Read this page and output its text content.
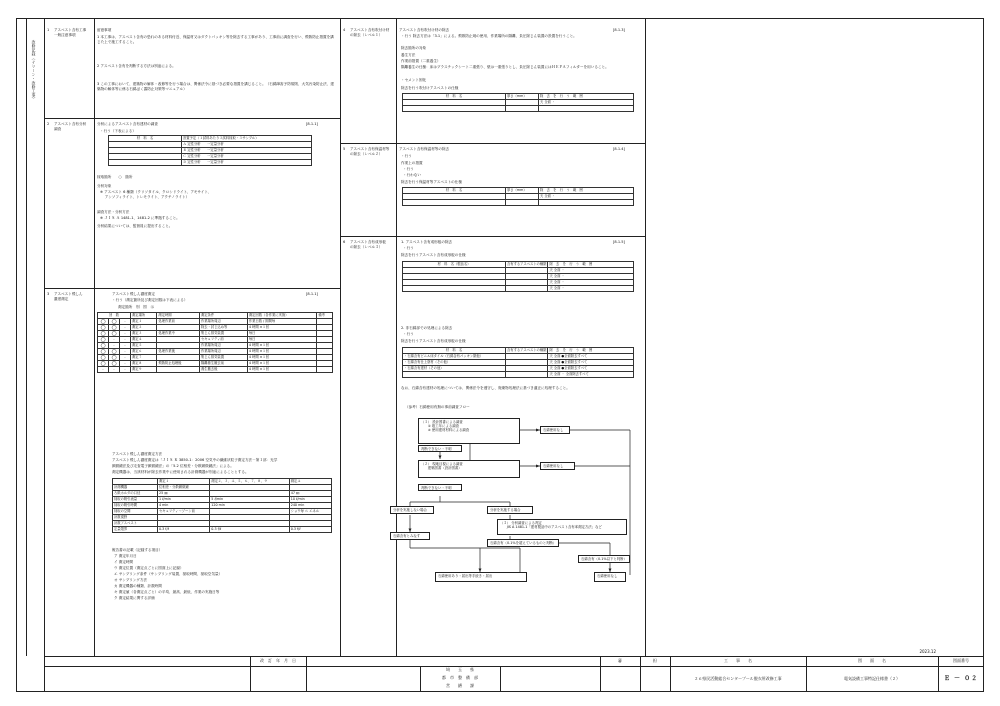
改修記録（テリーン・改修工事）
1 アスベスト含有工事
一般注意事項
2 アスベスト含有分析
調査
3 アスベスト飛しん
濃度測定
留意事項
1 本工事は、アスベスト含有の恐れのある材料付近、保温材又はダクトパッキン等を除去する工事があり、工事前に調査を行い、飛散防止措置を講じた上で施工すること。
2 アスベスト含有を判断する方法は別途による。
3 この工事において、建築物の解体・改修等を行う場合は、関係法令に基づき必要な措置を講じること。（石綿障害予防規則、大気汚染防止法、建築物の解体等に係る石綿ばく露防止対策等マニュアル）
分析によるアスベスト含有建材の調査	[8.1.1]
・行う（下表による）
材　料　名	設置予定（１試料あたり３試料採取・３サンプル）
	Ａ 定性分析　　一定量分析
	Ｂ 定性分析　　一定量分析
	Ｃ 定性分析　　一定量分析
	Ｄ 定性分析　　一定量分析
採取箇所　　○　箇所
分析対象
※ アスベスト 6 種類（クリソタイル、クロシドライト、アモサイト、
　 アンソフィライト、トレモライト、アクチノライト）
調査方法・分析方法
※ ＪＩＳ Ａ 1481-1、1481-2 に準拠すること。
分析結果については、監督員に提出すること。
アスベスト飛しん濃度測定	[8.1.1]
・行う（測定箇所及び測定回数は下表による）
測定箇所　別　図　示
回　数			測定場所	測定時期	測定条件	測定回数（各作業に実施）	備考
○	○	-	測定１	処理作業前	作業場所周辺	作業日数 / 期間毎	
○	○	-	測定２		除去・封じ込め等	4 時間 ×１回	
○	○	-	測定３	処理作業中	集じん排気装置	毎日	
○	-	-	測定４		セキュリティ前	毎日	
○	-	-	測定５		作業場所周辺	4 時間 ×１回	
○	○	-	測定６	処理作業後	作業場所周辺	4 時間 ×１回	
○	○	-	測定７		集じん排気装置	4 時間 ×１回	
○	○	-	測定８	飛散防止処理後	隔離養生撤去前	4 時間 ×１回	
-	-	-	測定９		養生撤去後	4 時間 ×１回	
アスベスト飛しん濃度測定方法
アスベスト飛しん濃度測定は「ＪＩＳ Ｋ 3850-1：2006 空気中の繊維状粒子測定方法－第１部：光学
顕微鏡法及び走査電子顕微鏡法」の「5.2 位相差・分散顕微鏡法」による。
測定機器は、当該材料が除去作業中に使用される計測機器が別途によることとする。
	測定１	測定２、３、４、５、６、７、８、９	測定Ａ
計測機器	位相差・分散顕微鏡		
ろ紙ホルダの口径	25 ㎜		47 ㎜
採取の吸引流量	1 ℓ/min	5 ℓ/min	10 ℓ/min
採取の吸引時間	4 min	120 min	240 min
採取の空間	セキュリティ〜ゾーン前		ショウ毎 ６ エネル
計数視野			
計数アスベスト			
定量限界	0.3 f/ℓ	0.3 f/ℓ	0.3 f/ℓ
報告書の記載（記録する項目）
ア 測定年月日
イ 測定時間
ウ 測定位置（測定点ごとに図面上に記録）
エ サンプリング条件（サンプリング装置、採取時間、採取空気量）
オ サンプリング方法
カ 測定機器の種類、計数時間
キ 測定値（各測定点ごと）の平均、最高、最低、作業の実施日等
ク 測定結果に関する評価
4 アスベスト含有吹付け材
の除去（レベル１）
5 アスベスト含有保温材等
の除去（レベル２）
6 アスベスト含有成形板
の除去（レベル３）
アスベスト含有吹付け材の除去	[8.1.3]
・行う 除去方法は「3.1」による。飛散防止剤の使用、作業場所の隔離、負圧除じん装置の設置を行うこと。
除去箇所の対象
養生方法
作業前措置（二重養生）
隔離養生の仕様：床はプラスチックシート二重張り、壁は一重張りとし、負圧除じん装置にはＨＥＰＡフィルターを用いること。
・セメント固化
除去を行う吹付けアスベストの仕様
材　料　名	厚さ（mm）	除　去　を　行　う　範　囲
		天 全面 ・

アスベスト含有保温材等の除去	[8.1.4]
・行う
作業上の措置
・行う
・行わない
除去を行う保温材等アスベストの仕様
材　料　名	厚さ（mm）	除　去　を　行　う　範　囲
		天 全面 ・

1. アスベスト含有成形板の除去	[8.1.5]
・行う
除去を行うアスベスト含有成形板の仕様
材　料　名（製品名）	含有するアスベストの種類	除　去　を　行　う　範　囲
		天 全面 ・
		天 全面 ・
		天 全面 ・
		天 全面 ・
2. 非石綿部での処理による除去
・行う
除去を行うアスベスト含有成形板の仕様
材　料　名	含有するアスベストの種類	除　去　を　行　う　範　囲
・石綿含有ビニル床タイル（石綿含有パッキン類他）		天 全面 ●全面除去すべて
・石綿含有仕上塗材（その他）		天 全面 ●全面除去すべて
・石綿含有建材（その他）		天 全面 ●全面除去すべて
		天 全面 ・ 全面除去すべて
なお、石綿含有建材の処理については、関係法令を遵守し、廃棄物処理法に基づき適正に処理すること。
（参考）石綿使用有無の事前調査フロー
（１） 設計図書による調査
　　① 竣工年による調査
　　② 使用建材材料による調査	石綿使用なし
判断できない・不明
（２） 現地目視による調査
　　建築図書（設計図書）
石綿使用なし
判断できない・不明
分析を実施しない場合	分析を実施する場合
（３） 分析調査による判定
　　JIS A 1481-1「建材製品中のアスベスト含有率測定方法」など
石綿含有とみなす
石綿含有（0.1%を超えているものと判断）
石綿含有（0.1%以下と判断）
石綿使用あり・届出等手続き・届出	石綿使用なし
2023.12
改　訂　年　月　日
埼　　玉　　県
都　市　整　備　部
営　　繕　　課
審	担	工　　事　　名	図　　面　　名	図面番号
２６県民活動総合センタープール脱衣所改修工事	電気設備工事特記仕様書（２）	Ｅ － ０２
